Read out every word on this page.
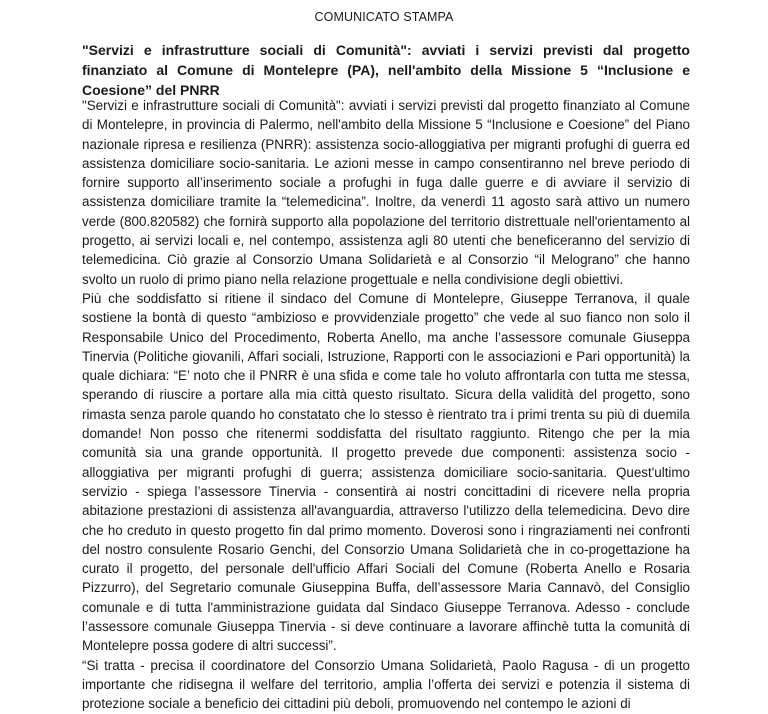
COMUNICATO STAMPA
"Servizi e infrastrutture sociali di Comunità": avviati i servizi previsti dal progetto finanziato al Comune di Montelepre (PA), nell'ambito della Missione 5 “Inclusione e Coesione” del PNRR

"Servizi e infrastrutture sociali di Comunità": avviati i servizi previsti dal progetto finanziato al Comune di Montelepre, in provincia di Palermo, nell'ambito della Missione 5 “Inclusione e Coesione” del Piano nazionale ripresa e resilienza (PNRR): assistenza socio-alloggiativa per migranti profughi di guerra ed assistenza domiciliare socio-sanitaria. Le azioni messe in campo consentiranno nel breve periodo di fornire supporto all’inserimento sociale a profughi in fuga dalle guerre e di avviare il servizio di assistenza domiciliare tramite la “telemedicina”. Inoltre, da venerdì 11 agosto sarà attivo un numero verde (800.820582) che fornirà supporto alla popolazione del territorio distrettuale nell'orientamento al progetto, ai servizi locali e, nel contempo, assistenza agli 80 utenti che beneficeranno del servizio di telemedicina. Ciò grazie al Consorzio Umana Solidarietà e al Consorzio “il Melograno” che hanno svolto un ruolo di primo piano nella relazione progettuale e nella condivisione degli obiettivi.

Più che soddisfatto si ritiene il sindaco del Comune di Montelepre, Giuseppe Terranova, il quale sostiene la bontà di questo “ambizioso e provvidenziale progetto” che vede al suo fianco non solo il Responsabile Unico del Procedimento, Roberta Anello, ma anche l’assessore comunale Giuseppa Tinervia (Politiche giovanili, Affari sociali, Istruzione, Rapporti con le associazioni e Pari opportunità) la quale dichiara: “E’ noto che il PNRR è una sfida e come tale ho voluto affrontarla con tutta me stessa, sperando di riuscire a portare alla mia città questo risultato. Sicura della validità del progetto, sono rimasta senza parole quando ho constatato che lo stesso è rientrato tra i primi trenta su più di duemila domande! Non posso che ritenermi soddisfatta del risultato raggiunto. Ritengo che per la mia comunità sia una grande opportunità. Il progetto prevede due componenti: assistenza socio -alloggiativa per migranti profughi di guerra; assistenza domiciliare socio-sanitaria. Quest'ultimo servizio - spiega l’assessore Tinervia - consentirà ai nostri concittadini di ricevere nella propria abitazione prestazioni di assistenza all'avanguardia, attraverso l'utilizzo della telemedicina. Devo dire che ho creduto in questo progetto fin dal primo momento. Doverosi sono i ringraziamenti nei confronti del nostro consulente Rosario Genchi, del Consorzio Umana Solidarietà che in co-progettazione ha curato il progetto, del personale dell'ufficio Affari Sociali del Comune (Roberta Anello e Rosaria Pizzurro), del Segretario comunale Giuseppina Buffa, dell’assessore Maria Cannavò, del Consiglio comunale e di tutta l'amministrazione guidata dal Sindaco Giuseppe Terranova. Adesso - conclude l’assessore comunale Giuseppa Tinervia - si deve continuare a lavorare affinchè tutta la comunità di Montelepre possa godere di altri successi”.

“Si tratta - precisa il coordinatore del Consorzio Umana Solidarietà, Paolo Ragusa - di un progetto importante che ridisegna il welfare del territorio, amplia l’offerta dei servizi e potenzia il sistema di protezione sociale a beneficio dei cittadini più deboli, promuovendo nel contempo le azioni di
